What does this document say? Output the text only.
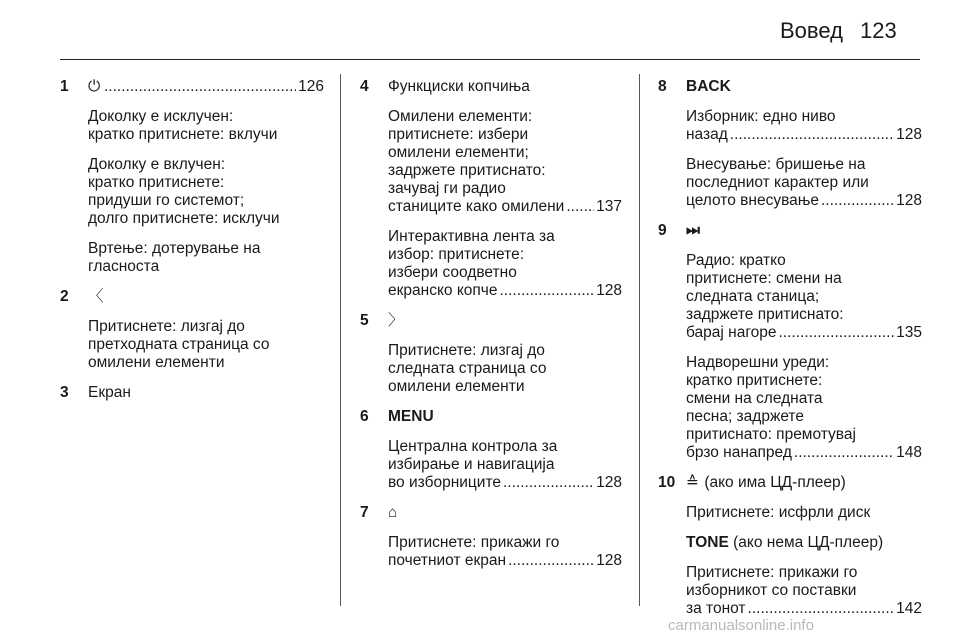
Вовед 123
1 ⏻ .....	126
Доколку е исклучен:
кратко притиснете: вклучи
Доколку е вклучен:
кратко притиснете:
придуши го системот;
долго притиснете: исклучи
Вртење: дотерување на
гласноста
2 〈
Притиснете: лизгај до
претходната страница со
омилени елементи
3 Екран
4 Функциски копчиња
Омилени елементи:
притиснете: избери
омилени елементи;
задржете притиснато:
зачувај ги радио
станиците како омилени ..... 137
Интерактивна лента за
избор: притиснете:
избери соодветно
екранско копче .....	128
5 〉
Притиснете: лизгај до
следната страница со
омилени елементи
6 MENU
Централна контрола за
избирање и навигација
во изборниците .....	128
7 ⌂
Притиснете: прикажи го
почетниот екран .....	128
8 BACK
Изборник: едно ниво
назад .....	128
Внесување: бришење на
последниот карактер или
целото внесување .....	128
9 ⏭
Радио: кратко
притиснете: смени на
следната станица;
задржете притиснато:
барај нагоре .....	135
Надворешни уреди:
кратко притиснете:
смени на следната
песна; задржете
притиснато: премотувај
брзо нанапред .....	148
10 ≙ (ако има ЦД-плеер)
Притиснете: исфрли диск
TONE (ако нема ЦД-плеер)
Притиснете: прикажи го
изборникот со поставки
за тонот .....	142
carmanualsonline.info
